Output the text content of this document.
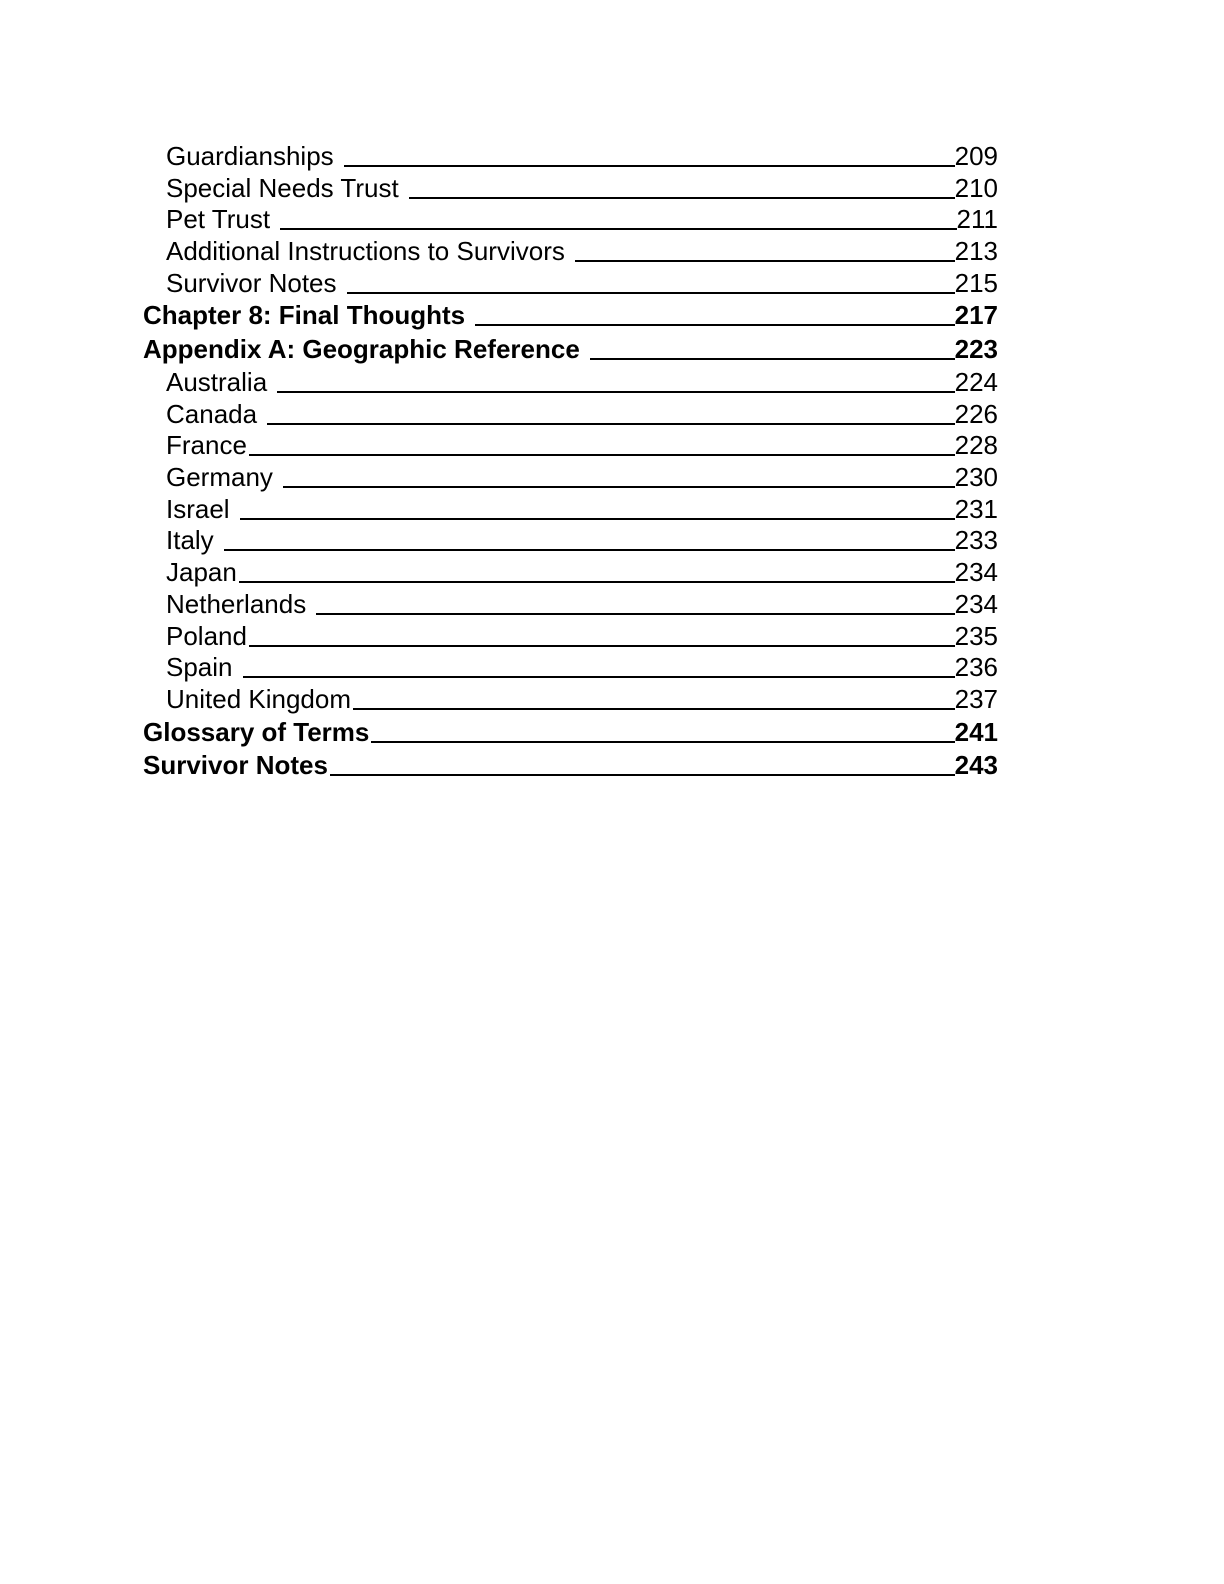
Guardianships	209
Special Needs Trust	210
Pet Trust	211
Additional Instructions to Survivors	213
Survivor Notes	215
Chapter 8: Final Thoughts	217
Appendix A: Geographic Reference	223
Australia	224
Canada	226
France	228
Germany	230
Israel	231
Italy	233
Japan	234
Netherlands	234
Poland	235
Spain	236
United Kingdom	237
Glossary of Terms	241
Survivor Notes	243
